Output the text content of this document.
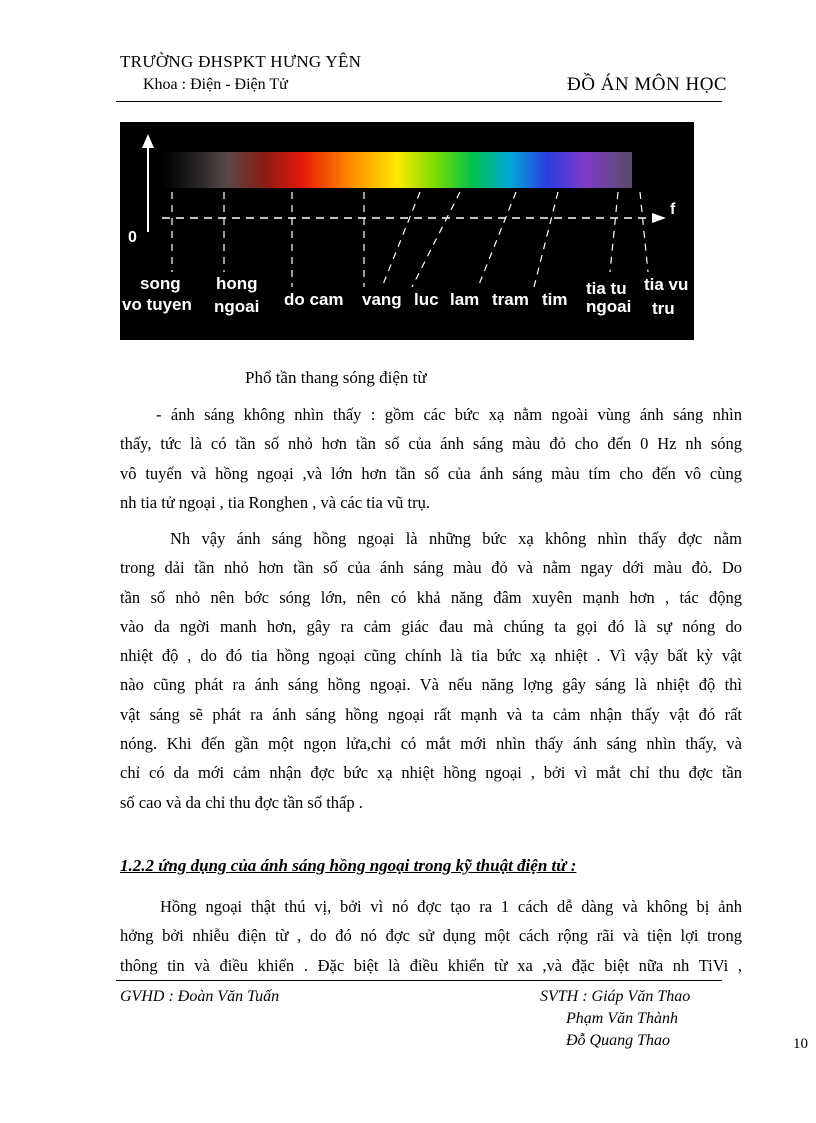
TRƯỜNG ĐHSPKT HƯNG YÊN
Khoa : Điện - Điện Tử	ĐỒ ÁN MÔN HỌC
0
f
song
vo tuyen
hong
ngoai do cam vang luc lam tram tim
tia tu
ngoai
tia vu
tru
Phổ tần thang sóng điện từ
- ánh sáng không nhìn thấy : gồm các bức xạ nằm ngoài vùng ánh sáng nhìn
thấy, tức là có tần số nhỏ hơn tần số của ánh sáng màu đỏ cho đến 0 Hz nh sóng
vô tuyến và hồng ngoại ,và lớn hơn tần số của ánh sáng màu tím cho đến vô cùng
nh tia tử ngoại , tia Ronghen , và các tia vũ trụ.
Nh vậy ánh sáng hồng ngoại là những bức xạ không nhìn thấy đợc nằm
trong dải tần nhỏ hơn tần số của ánh sáng màu đỏ và nằm ngay dới màu đỏ. Do
tần số nhỏ nên bớc sóng lớn, nên có khả năng đâm xuyên mạnh hơn , tác động
vào da ngời manh hơn, gây ra cảm giác đau mà chúng ta gọi đó là sự nóng do
nhiệt độ , do đó tia hồng ngoại cũng chính là tia bức xạ nhiệt . Vì vậy bất kỳ vật
nào cũng phát ra ánh sáng hồng ngoại. Và nếu năng lợng gây sáng là nhiệt độ thì
vật sáng sẽ phát ra ánh sáng hồng ngoại rất mạnh và ta cảm nhận thấy vật đó rất
nóng. Khi đến gần một ngọn lửa,chỉ có mắt mới nhìn thấy ánh sáng nhìn thấy, và
chỉ có da mới cảm nhận đợc bức xạ nhiệt hồng ngoại , bởi vì mắt chỉ thu đợc tần
số cao và da chỉ thu đợc tần số thấp .
1.2.2 ứng dụng của ánh sáng hồng ngoại trong kỹ thuật điện tử :
Hồng ngoại thật thú vị, bởi vì nó đợc tạo ra 1 cách dễ dàng và không bị ảnh
hởng bởi nhiễu điện từ , do đó nó đợc sử dụng một cách rộng rãi và tiện lợi trong
thông tin và điều khiển . Đặc biệt là điều khiển từ xa ,và đặc biệt nữa nh TiVi ,
GVHD : Đoàn Văn Tuấn	SVTH : Giáp Văn Thao
Phạm Văn Thành
Đỗ Quang Thao	10
